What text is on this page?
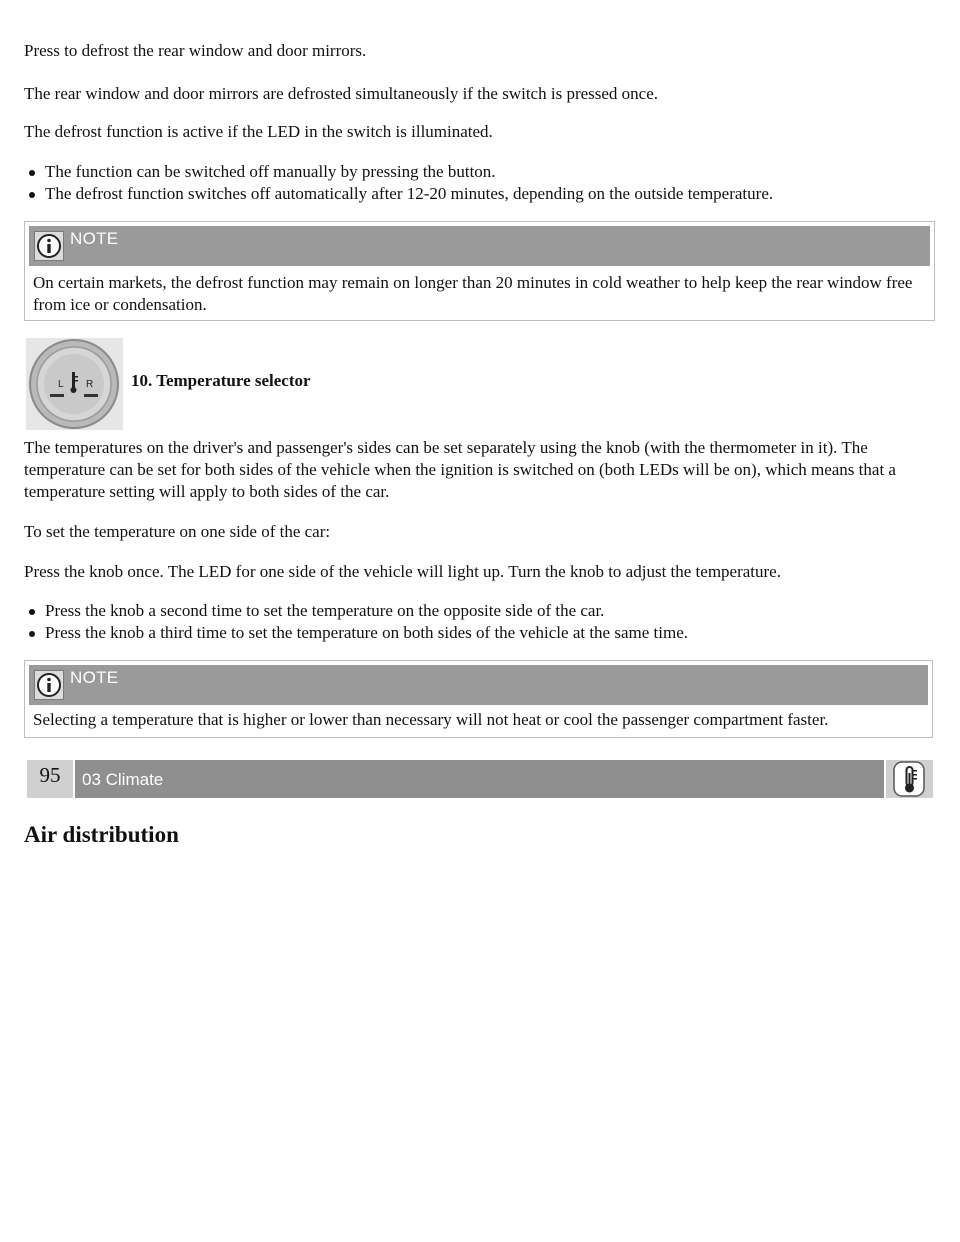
Press to defrost the rear window and door mirrors.

The rear window and door mirrors are defrosted simultaneously if the switch is pressed once.

The defrost function is active if the LED in the switch is illuminated.

The function can be switched off manually by pressing the button.
The defrost function switches off automatically after 12-20 minutes, depending on the outside temperature.
NOTE

On certain markets, the defrost function may remain on longer than 20 minutes in cold weather to help keep the rear window free from ice or condensation.

L R 10. Temperature selector

The temperatures on the driver's and passenger's sides can be set separately using the knob (with the thermometer in it). The temperature can be set for both sides of the vehicle when the ignition is switched on (both LEDs will be on), which means that a temperature setting will apply to both sides of the car.

To set the temperature on one side of the car:

Press the knob once. The LED for one side of the vehicle will light up. Turn the knob to adjust the temperature.

Press the knob a second time to set the temperature on the opposite side of the car.
Press the knob a third time to set the temperature on both sides of the vehicle at the same time.
NOTE

Selecting a temperature that is higher or lower than necessary will not heat or cool the passenger compartment faster.

95	03 Climate
Air distribution
